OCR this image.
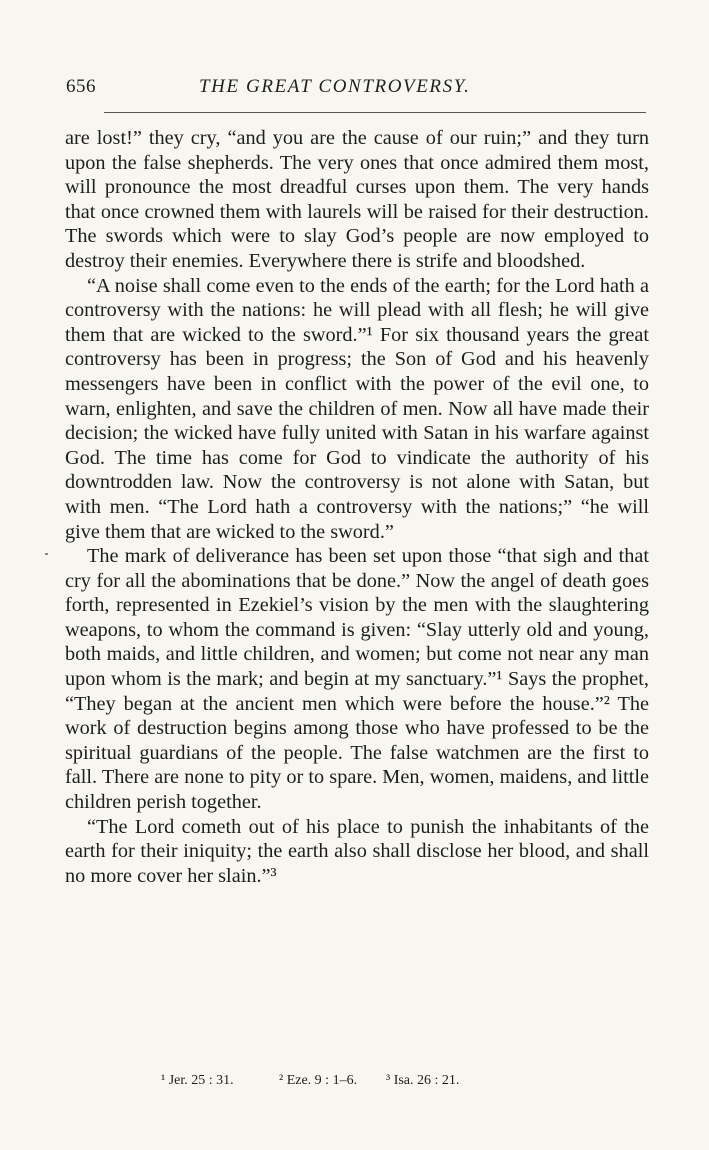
656	THE GREAT CONTROVERSY.

are lost!” they cry, “and you are the cause of our ruin;” and they turn upon the false shepherds. The very ones that once admired them most, will pronounce the most dreadful curses upon them. The very hands that once crowned them with laurels will be raised for their destruction. The swords which were to slay God’s people are now employed to destroy their enemies. Everywhere there is strife and bloodshed.

“A noise shall come even to the ends of the earth; for the Lord hath a controversy with the nations: he will plead with all flesh; he will give them that are wicked to the sword.”¹ For six thousand years the great controversy has been in progress; the Son of God and his heavenly messengers have been in conflict with the power of the evil one, to warn, enlighten, and save the children of men. Now all have made their decision; the wicked have fully united with Satan in his warfare against God. The time has come for God to vindicate the authority of his downtrodden law. Now the controversy is not alone with Satan, but with men. “The Lord hath a controversy with the nations;” “he will give them that are wicked to the sword.”

The mark of deliverance has been set upon those “that sigh and that cry for all the abominations that be done.” Now the angel of death goes forth, represented in Ezekiel’s vision by the men with the slaughtering weapons, to whom the command is given: “Slay utterly old and young, both maids, and little children, and women; but come not near any man upon whom is the mark; and begin at my sanctuary.”¹ Says the prophet, “They began at the ancient men which were before the house.”² The work of destruction begins among those who have professed to be the spiritual guardians of the people. The false watchmen are the first to fall. There are none to pity or to spare. Men, women, maidens, and little children perish together.

“The Lord cometh out of his place to punish the inhabitants of the earth for their iniquity; the earth also shall disclose her blood, and shall no more cover her slain.”³

¹ Jer. 25 : 31.	² Eze. 9 : 1–6. ³ Isa. 26 : 21.
